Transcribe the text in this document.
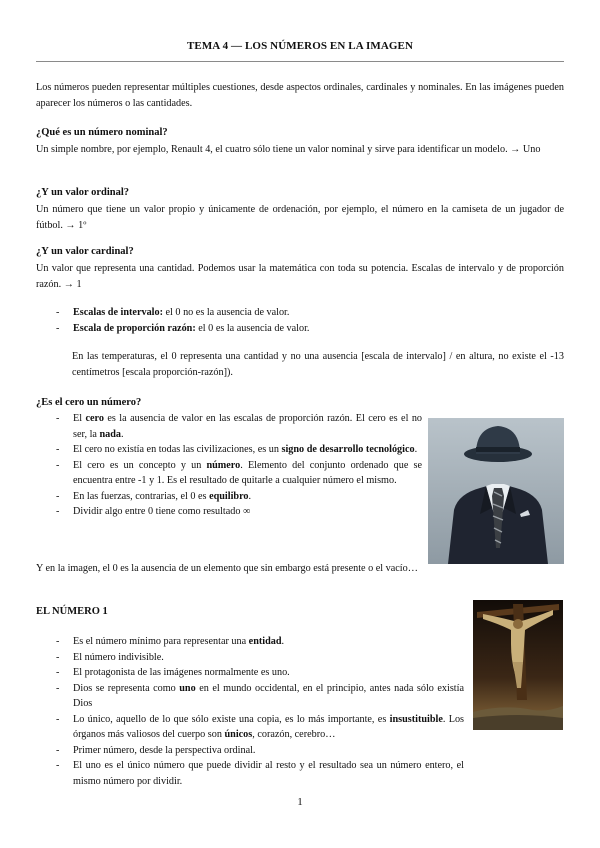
TEMA 4 — LOS NÚMEROS EN LA IMAGEN

Los números pueden representar múltiples cuestiones, desde aspectos ordinales, cardinales y nominales. En las imágenes pueden aparecer los números o las cantidades.

¿Qué es un número nominal?

Un simple nombre, por ejemplo, Renault 4, el cuatro sólo tiene un valor nominal y sirve para identificar un modelo. → Uno

¿Y un valor ordinal?

Un número que tiene un valor propio y únicamente de ordenación, por ejemplo, el número en la camiseta de un jugador de fútbol. → 1º

¿Y un valor cardinal?

Un valor que representa una cantidad. Podemos usar la matemática con toda su potencia. Escalas de intervalo y de proporción razón. → 1

- Escalas de intervalo: el 0 no es la ausencia de valor.
- Escala de proporción razón: el 0 es la ausencia de valor.

En las temperaturas, el 0 representa una cantidad y no una ausencia [escala de intervalo] / en altura, no existe el -13 centímetros [escala proporción-razón]).

¿Es el cero un número?

- El cero es la ausencia de valor en las escalas de proporción razón. El cero es el no ser, la nada.
- El cero no existía en todas las civilizaciones, es un signo de desarrollo tecnológico.
- El cero es un concepto y un número. Elemento del conjunto ordenado que se encuentra entre -1 y 1. Es el resultado de quitarle a cualquier número el mismo.
- En las fuerzas, contrarias, el 0 es equilibro.
- Dividir algo entre 0 tiene como resultado ∞

Y en la imagen, el 0 es la ausencia de un elemento que sin embargo está presente o el vacío…

EL NÚMERO 1

- Es el número mínimo para representar una entidad.
- El número indivisible.
- El protagonista de las imágenes normalmente es uno.
- Dios se representa como uno en el mundo occidental, en el principio, antes nada sólo existía Dios
- Lo único, aquello de lo que sólo existe una copia, es lo más importante, es insustituible. Los órganos más valiosos del cuerpo son únicos, corazón, cerebro…
- Primer número, desde la perspectiva ordinal.
- El uno es el único número que puede dividir al resto y el resultado sea un número entero, el mismo número por dividir.
1
